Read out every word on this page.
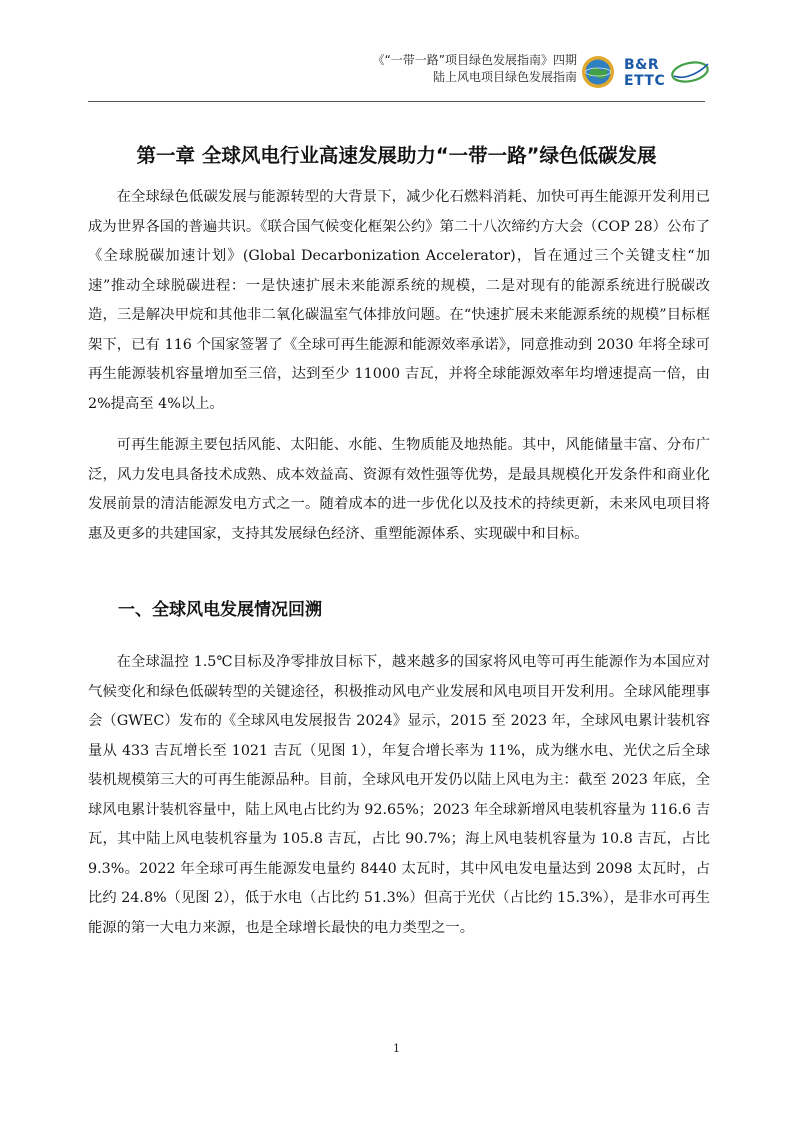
《“一带一路”项目绿色发展指南》四期
陆上风电项目绿色发展指南
B&R
ETTC
第一章 全球风电行业高速发展助力“一带一路”绿色低碳发展

在全球绿色低碳发展与能源转型的大背景下，减少化石燃料消耗、加快可再生能源开发利用已成为世界各国的普遍共识。《联合国气候变化框架公约》第二十八次缔约方大会（COP 28）公布了《全球脱碳加速计划》(Global Decarbonization Accelerator)，旨在通过三个关键支柱“加速”推动全球脱碳进程：一是快速扩展未来能源系统的规模，二是对现有的能源系统进行脱碳改造，三是解决甲烷和其他非二氧化碳温室气体排放问题。在“快速扩展未来能源系统的规模”目标框架下，已有 116 个国家签署了《全球可再生能源和能源效率承诺》，同意推动到 2030 年将全球可再生能源装机容量增加至三倍，达到至少 11000 吉瓦，并将全球能源效率年均增速提高一倍，由 2%提高至 4%以上。

可再生能源主要包括风能、太阳能、水能、生物质能及地热能。其中，风能储量丰富、分布广泛，风力发电具备技术成熟、成本效益高、资源有效性强等优势，是最具规模化开发条件和商业化发展前景的清洁能源发电方式之一。随着成本的进一步优化以及技术的持续更新，未来风电项目将惠及更多的共建国家，支持其发展绿色经济、重塑能源体系、实现碳中和目标。

一、全球风电发展情况回溯

在全球温控 1.5℃目标及净零排放目标下，越来越多的国家将风电等可再生能源作为本国应对气候变化和绿色低碳转型的关键途径，积极推动风电产业发展和风电项目开发利用。全球风能理事会（GWEC）发布的《全球风电发展报告 2024》显示，2015 至 2023 年，全球风电累计装机容量从 433 吉瓦增长至 1021 吉瓦（见图 1），年复合增长率为 11%，成为继水电、光伏之后全球装机规模第三大的可再生能源品种。目前，全球风电开发仍以陆上风电为主：截至 2023 年底，全球风电累计装机容量中，陆上风电占比约为 92.65%；2023 年全球新增风电装机容量为 116.6 吉瓦，其中陆上风电装机容量为 105.8 吉瓦，占比 90.7%；海上风电装机容量为 10.8 吉瓦，占比 9.3%。2022 年全球可再生能源发电量约 8440 太瓦时，其中风电发电量达到 2098 太瓦时，占比约 24.8%（见图 2），低于水电（占比约 51.3%）但高于光伏（占比约 15.3%），是非水可再生能源的第一大电力来源，也是全球增长最快的电力类型之一。

1
